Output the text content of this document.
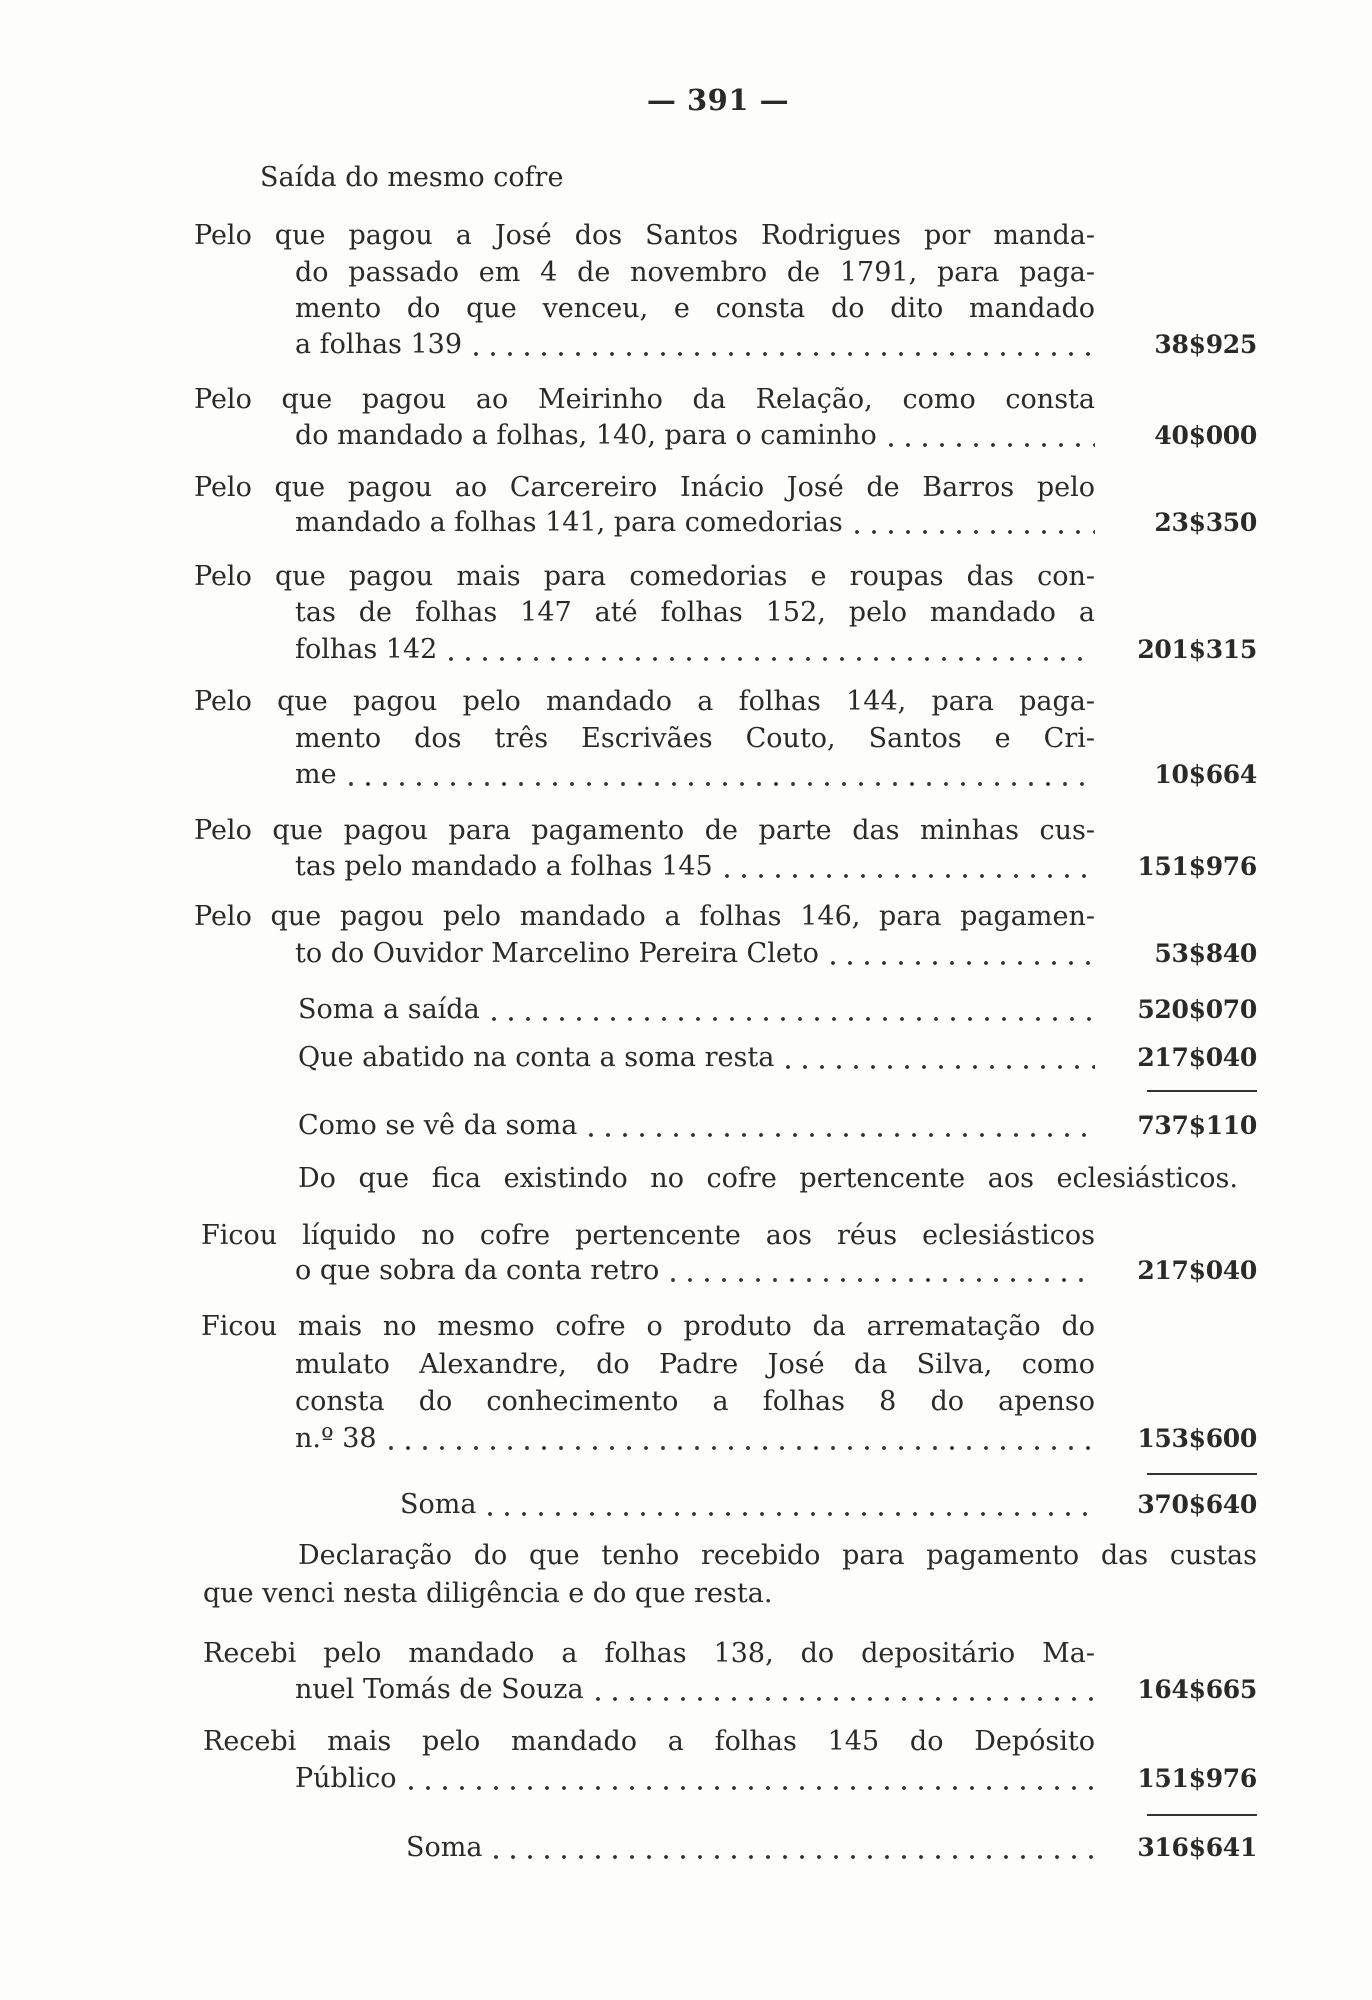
— 391 —
Saída do mesmo cofre
Pelo que pagou a José dos Santos Rodrigues por manda-
do passado em 4 de novembro de 1791, para paga-
mento do que venceu, e consta do dito mandado
a folhas 139	38$925
Pelo que pagou ao Meirinho da Relação, como consta
do mandado a folhas, 140, para o caminho	40$000
Pelo que pagou ao Carcereiro Inácio José de Barros pelo
mandado a folhas 141, para comedorias	23$350
Pelo que pagou mais para comedorias e roupas das con-
tas de folhas 147 até folhas 152, pelo mandado a
folhas 142	201$315
Pelo que pagou pelo mandado a folhas 144, para paga-
mento dos três Escrivães Couto, Santos e Cri-
me	10$664
Pelo que pagou para pagamento de parte das minhas cus-
tas pelo mandado a folhas 145	151$976
Pelo que pagou pelo mandado a folhas 146, para pagamen-
to do Ouvidor Marcelino Pereira Cleto	53$840
Soma a saída	520$070
Que abatido na conta a soma resta	217$040
Como se vê da soma	737$110
Do que fica existindo no cofre pertencente aos eclesiásticos.
Ficou líquido no cofre pertencente aos réus eclesiásticos
o que sobra da conta retro	217$040
Ficou mais no mesmo cofre o produto da arrematação do
mulato Alexandre, do Padre José da Silva, como
consta do conhecimento a folhas 8 do apenso
n.º 38	153$600
Soma	370$640
Declaração do que tenho recebido para pagamento das custas
que venci nesta diligência e do que resta.
Recebi pelo mandado a folhas 138, do depositário Ma-
nuel Tomás de Souza	164$665
Recebi mais pelo mandado a folhas 145 do Depósito
Público	151$976
Soma	316$641
